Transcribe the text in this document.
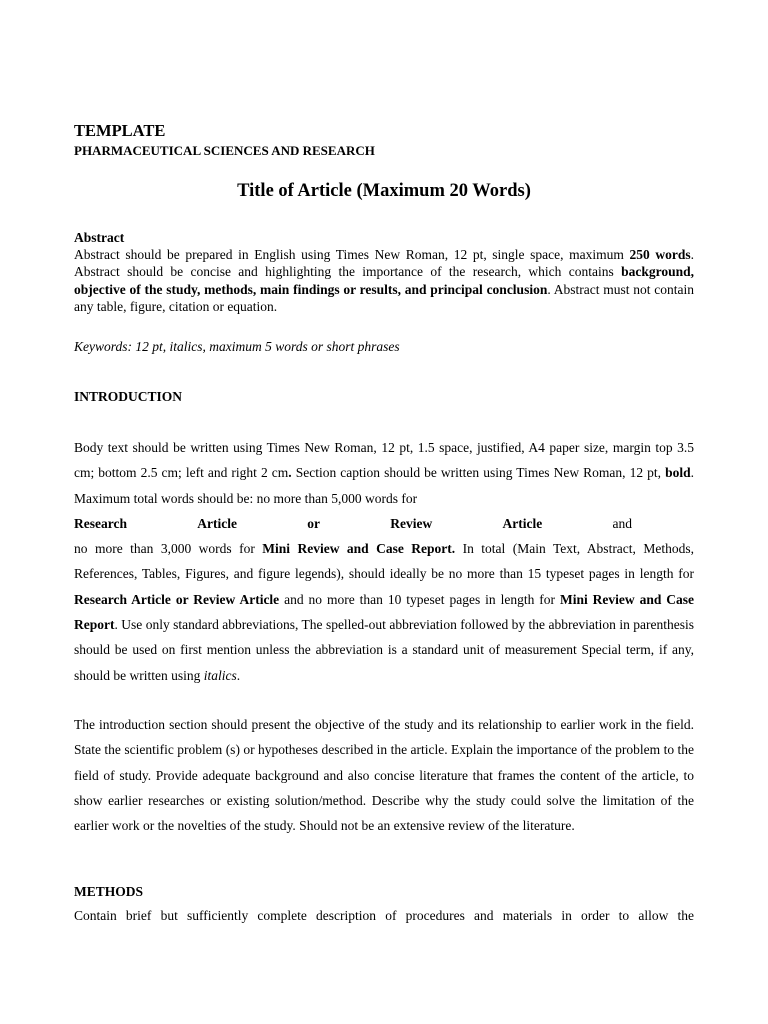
TEMPLATE

PHARMACEUTICAL SCIENCES AND RESEARCH

Title of Article (Maximum 20 Words)

Abstract

Abstract should be prepared in English using Times New Roman, 12 pt, single space, maximum 250 words. Abstract should be concise and highlighting the importance of the research, which contains background, objective of the study, methods, main findings or results, and principal conclusion. Abstract must not contain any table, figure, citation or equation.

Keywords: 12 pt, italics, maximum 5 words or short phrases

INTRODUCTION

Body text should be written using Times New Roman, 12 pt, 1.5 space, justified, A4 paper size, margin top 3.5 cm; bottom 2.5 cm; left and right 2 cm. Section caption should be written using Times New Roman, 12 pt, bold. Maximum total words should be: no more than 5,000 words for
Research	Article	or	Review	Article	and
no more than 3,000 words for Mini Review and Case Report. In total (Main Text, Abstract, Methods, References, Tables, Figures, and figure legends), should ideally be no more than 15 typeset pages in length for Research Article or Review Article and no more than 10 typeset pages in length for Mini Review and Case Report. Use only standard abbreviations, The spelled-out abbreviation followed by the abbreviation in parenthesis should be used on first mention unless the abbreviation is a standard unit of measurement Special term, if any, should be written using italics.

The introduction section should present the objective of the study and its relationship to earlier work in the field. State the scientific problem (s) or hypotheses described in the article. Explain the importance of the problem to the field of study. Provide adequate background and also concise literature that frames the content of the article, to show earlier researches or existing solution/method. Describe why the study could solve the limitation of the earlier work or the novelties of the study. Should not be an extensive review of the literature.

METHODS

Contain brief but sufficiently complete description of procedures and materials in order to allow the
